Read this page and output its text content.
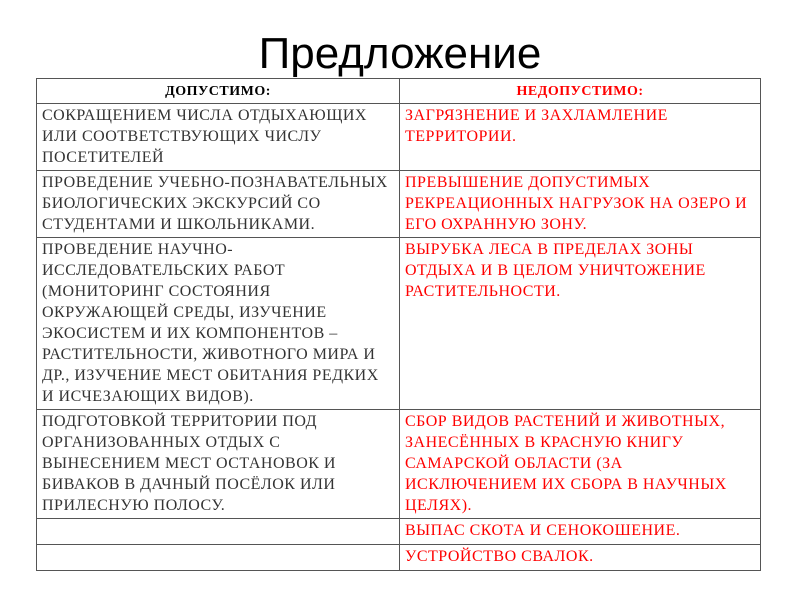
Предложение
ДОПУСТИМО:	НЕДОПУСТИМО:
СОКРАЩЕНИЕМ ЧИСЛА ОТДЫХАЮЩИХ ИЛИ СООТВЕТСТВУЮЩИХ ЧИСЛУ ПОСЕТИТЕЛЕЙ	ЗАГРЯЗНЕНИЕ И ЗАХЛАМЛЕНИЕ ТЕРРИТОРИИ.
ПРОВЕДЕНИЕ УЧЕБНО-ПОЗНАВАТЕЛЬНЫХ БИОЛОГИЧЕСКИХ ЭКСКУРСИЙ СО СТУДЕНТАМИ И ШКОЛЬНИКАМИ.	ПРЕВЫШЕНИЕ ДОПУСТИМЫХ РЕКРЕАЦИОННЫХ НАГРУЗОК НА ОЗЕРО И ЕГО ОХРАННУЮ ЗОНУ.
ПРОВЕДЕНИЕ НАУЧНО-ИССЛЕДОВАТЕЛЬСКИХ РАБОТ (МОНИТОРИНГ СОСТОЯНИЯ ОКРУЖАЮЩЕЙ СРЕДЫ, ИЗУЧЕНИЕ ЭКОСИСТЕМ И ИХ КОМПОНЕНТОВ – РАСТИТЕЛЬНОСТИ, ЖИВОТНОГО МИРА И ДР., ИЗУЧЕНИЕ МЕСТ ОБИТАНИЯ РЕДКИХ И ИСЧЕЗАЮЩИХ ВИДОВ).	ВЫРУБКА ЛЕСА В ПРЕДЕЛАХ ЗОНЫ ОТДЫХА И В ЦЕЛОМ УНИЧТОЖЕНИЕ РАСТИТЕЛЬНОСТИ.
ПОДГОТОВКОЙ ТЕРРИТОРИИ ПОД ОРГАНИЗОВАННЫХ ОТДЫХ С ВЫНЕСЕНИЕМ МЕСТ ОСТАНОВОК И БИВАКОВ В ДАЧНЫЙ ПОСЁЛОК ИЛИ ПРИЛЕСНУЮ ПОЛОСУ.	СБОР ВИДОВ РАСТЕНИЙ И ЖИВОТНЫХ, ЗАНЕСЁННЫХ В КРАСНУЮ КНИГУ САМАРСКОЙ ОБЛАСТИ (ЗА ИСКЛЮЧЕНИЕМ ИХ СБОРА В НАУЧНЫХ ЦЕЛЯХ).
	ВЫПАС СКОТА И СЕНОКОШЕНИЕ.
	УСТРОЙСТВО СВАЛОК.
